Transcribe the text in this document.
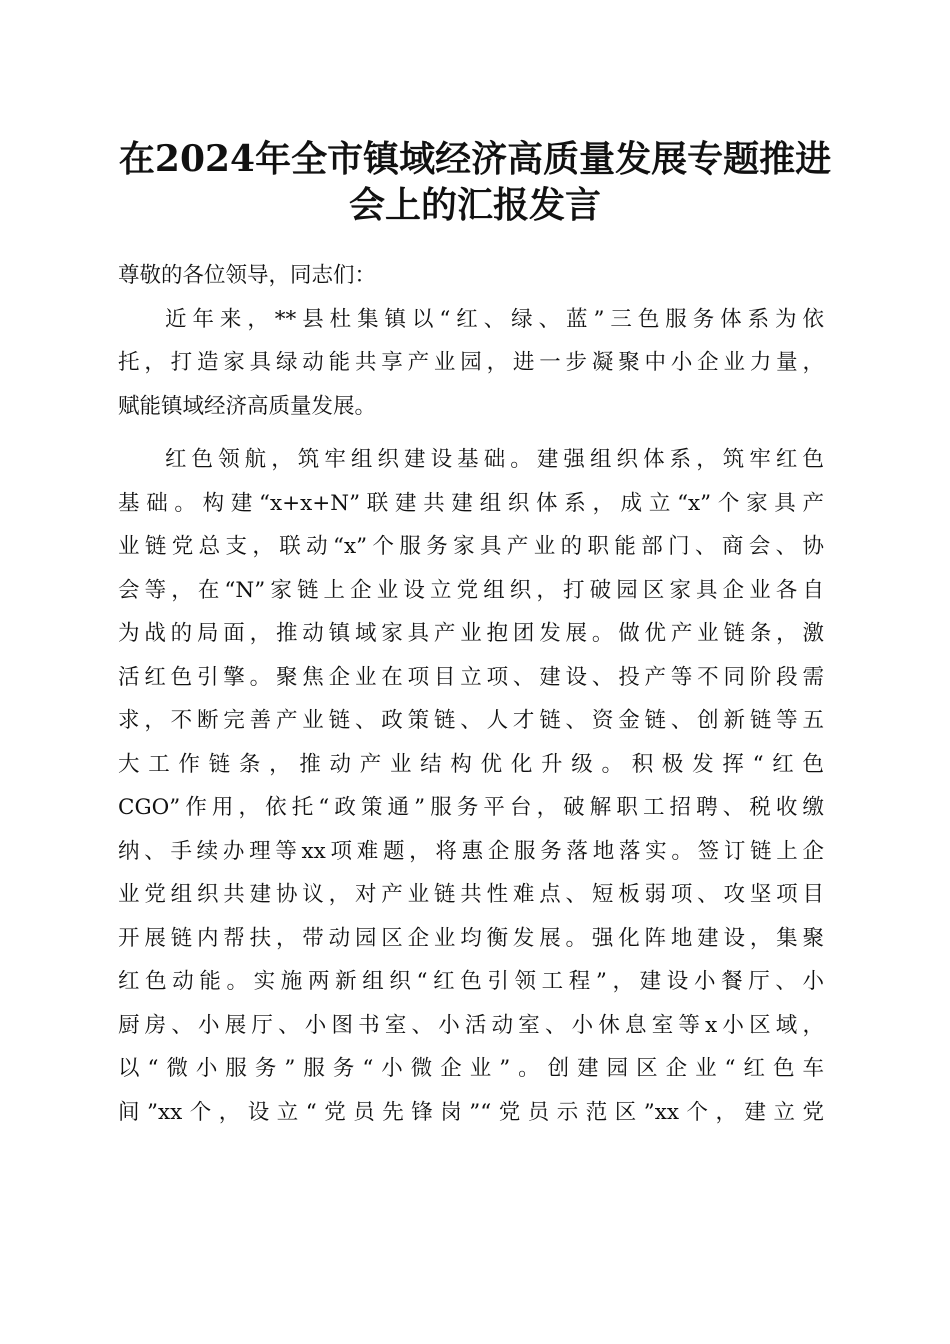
在2024年全市镇域经济高质量发展专题推进
会上的汇报发言
尊敬的各位领导，同志们：
近年来，**县杜集镇以“红、绿、蓝”三色服务体系为依
托，打造家具绿动能共享产业园，进一步凝聚中小企业力量，
赋能镇域经济高质量发展。
红色领航，筑牢组织建设基础。建强组织体系，筑牢红色
基础。构建“x+x+N”联建共建组织体系，成立“x”个家具产
业链党总支，联动“x”个服务家具产业的职能部门、商会、协
会等，在“N”家链上企业设立党组织，打破园区家具企业各自
为战的局面，推动镇域家具产业抱团发展。做优产业链条，激
活红色引擎。聚焦企业在项目立项、建设、投产等不同阶段需
求，不断完善产业链、政策链、人才链、资金链、创新链等五
大工作链条，推动产业结构优化升级。积极发挥“红色
CGO”作用，依托“政策通”服务平台，破解职工招聘、税收缴
纳、手续办理等xx项难题，将惠企服务落地落实。签订链上企
业党组织共建协议，对产业链共性难点、短板弱项、攻坚项目
开展链内帮扶，带动园区企业均衡发展。强化阵地建设，集聚
红色动能。实施两新组织“红色引领工程”，建设小餐厅、小
厨房、小展厅、小图书室、小活动室、小休息室等x小区域，
以“微小服务”服务“小微企业”。创建园区企业“红色车
间”xx个，设立“党员先锋岗”“党员示范区”xx个，建立党
